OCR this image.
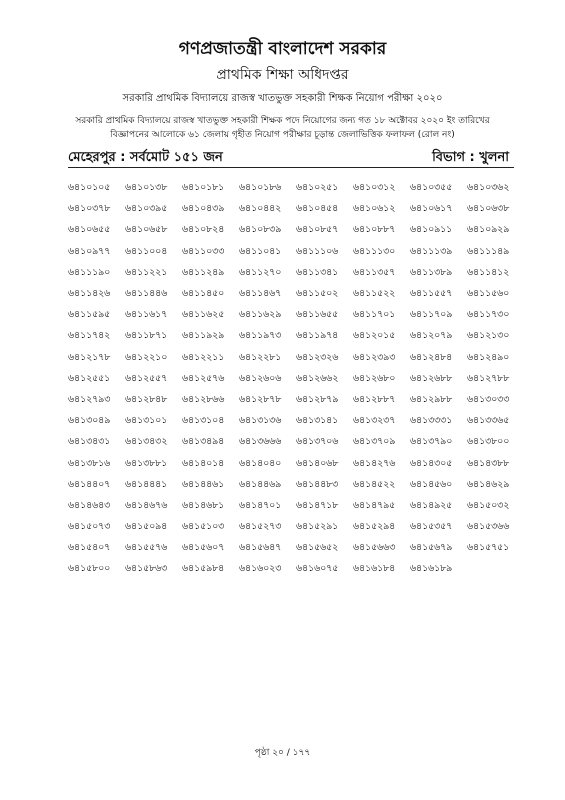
গণপ্রজাতন্ত্রী বাংলাদেশ সরকার
প্রাথমিক শিক্ষা অধিদপ্তর
সরকারি প্রাথমিক বিদ্যালয়ে রাজস্ব খাতভুক্ত সহকারী শিক্ষক নিয়োগ পরীক্ষা ২০২০
সরকারি প্রাথমিক বিদ্যালয়ে রাজস্ব খাতভুক্ত সহকারী শিক্ষক পদে নিয়োগের জন্য গত ১৮ অক্টোবর ২০২০ ইং তারিখের
বিজ্ঞাপনের আলোকে ৬১ জেলায় গৃহীত নিয়োগ পরীক্ষার চূড়ান্ত জেলাভিত্তিক ফলাফল (রোল নং)
মেহেরপুর : সর্বমোট ১৫১ জন	বিভাগ : খুলনা
৬৪১০১০৫	৬৪১০১৩৮	৬৪১০১৮১	৬৪১০১৮৬	৬৪১০২৫১	৬৪১০৩১২	৬৪১০৩৫৫	৬৪১০৩৬২
৬৪১০৩৭৮	৬৪১০৩৯৫	৬৪১০৪৩৯	৬৪১০৪৪২	৬৪১০৪৫৪	৬৪১০৬১২	৬৪১০৬১৭	৬৪১০৬৩৮
৬৪১০৬৫৫	৬৪১০৬৫৮	৬৪১০৮২৪	৬৪১০৮৩৯	৬৪১০৮৫৭	৬৪১০৮৮৭	৬৪১০৯১১	৬৪১০৯২৯
৬৪১০৯৭৭	৬৪১১০০৪	৬৪১১০৩৩	৬৪১১০৪১	৬৪১১১০৬	৬৪১১১৩০	৬৪১১১৩৯	৬৪১১১৪৯
৬৪১১১৯০	৬৪১১২২১	৬৪১১২৪৯	৬৪১১২৭০	৬৪১১৩৪১	৬৪১১৩৫৭	৬৪১১৩৮৯	৬৪১১৪১২
৬৪১১৪২৬	৬৪১১৪৪৬	৬৪১১৪৫০	৬৪১১৪৬৭	৬৪১১৫০২	৬৪১১৫২২	৬৪১১৫৫৭	৬৪১১৫৬০
৬৪১১৫৯৫	৬৪১১৬১৭	৬৪১১৬২৫	৬৪১১৬২৯	৬৪১১৬৫৫	৬৪১১৭০১	৬৪১১৭০৯	৬৪১১৭৩০
৬৪১১৭৪২	৬৪১১৮৭১	৬৪১১৯২৯	৬৪১১৯৭৩	৬৪১১৯৭৪	৬৪১২০১৫	৬৪১২০৭৯	৬৪১২১৩০
৬৪১২১৭৮	৬৪১২২১০	৬৪১২২১১	৬৪১২২৮১	৬৪১২৩২৬	৬৪১২৩৯৩	৬৪১২৪৮৪	৬৪১২৪৯০
৬৪১২৫৫১	৬৪১২৫৫৭	৬৪১২৫৭৬	৬৪১২৬০৬	৬৪১২৬৬২	৬৪১২৬৮০	৬৪১২৬৮৮	৬৪১২৭৮৮
৬৪১২৭৯৩	৬৪১২৮৪৮	৬৪১২৮৬৬	৬৪১২৮৭৮	৬৪১২৮৭৯	৬৪১২৮৮৭	৬৪১২৯৮৮	৬৪১৩০৩৩
৬৪১৩০৪৯	৬৪১৩১০১	৬৪১৩১০৪	৬৪১৩১৩৬	৬৪১৩১৪১	৬৪১৩২৩৭	৬৪১৩৩৩১	৬৪১৩৩৬৫
৬৪১৩৪৩১	৬৪১৩৪৩২	৬৪১৩৪৯৪	৬৪১৩৬৬৬	৬৪১৩৭০৬	৬৪১৩৭০৯	৬৪১৩৭৯০	৬৪১৩৮০০
৬৪১৩৮১৬	৬৪১৩৮৮১	৬৪১৪০১৪	৬৪১৪০৪০	৬৪১৪০৬৮	৬৪১৪২৭৬	৬৪১৪৩০৫	৬৪১৪৩৮৮
৬৪১৪৪০৭	৬৪১৪৪৪১	৬৪১৪৪৬১	৬৪১৪৪৬৯	৬৪১৪৪৮৩	৬৪১৪৫২২	৬৪১৪৫৬০	৬৪১৪৬২৯
৬৪১৪৬৪৩	৬৪১৪৬৭৬	৬৪১৪৬৮১	৬৪১৪৭০১	৬৪১৪৭১৮	৬৪১৪৭৯৫	৬৪১৪৯২৫	৬৪১৫০৩২
৬৪১৫০৭৩	৬৪১৫০৯৪	৬৪১৫১০৩	৬৪১৫২৭৩	৬৪১৫২৯১	৬৪১৫২৯৪	৬৪১৫৩৫৭	৬৪১৫৩৬৬
৬৪১৫৪০৭	৬৪১৫৫৭৬	৬৪১৫৬০৭	৬৪১৫৬৪৭	৬৪১৫৬৫২	৬৪১৫৬৬৩	৬৪১৫৬৭৯	৬৪১৫৭৫১
৬৪১৫৮০০	৬৪১৫৮৬৩	৬৪১৫৯৮৪	৬৪১৬০২৩	৬৪১৬০৭৫	৬৪১৬১৮৪	৬৪১৬১৮৯
পৃষ্ঠা ২০ / ১৭৭
